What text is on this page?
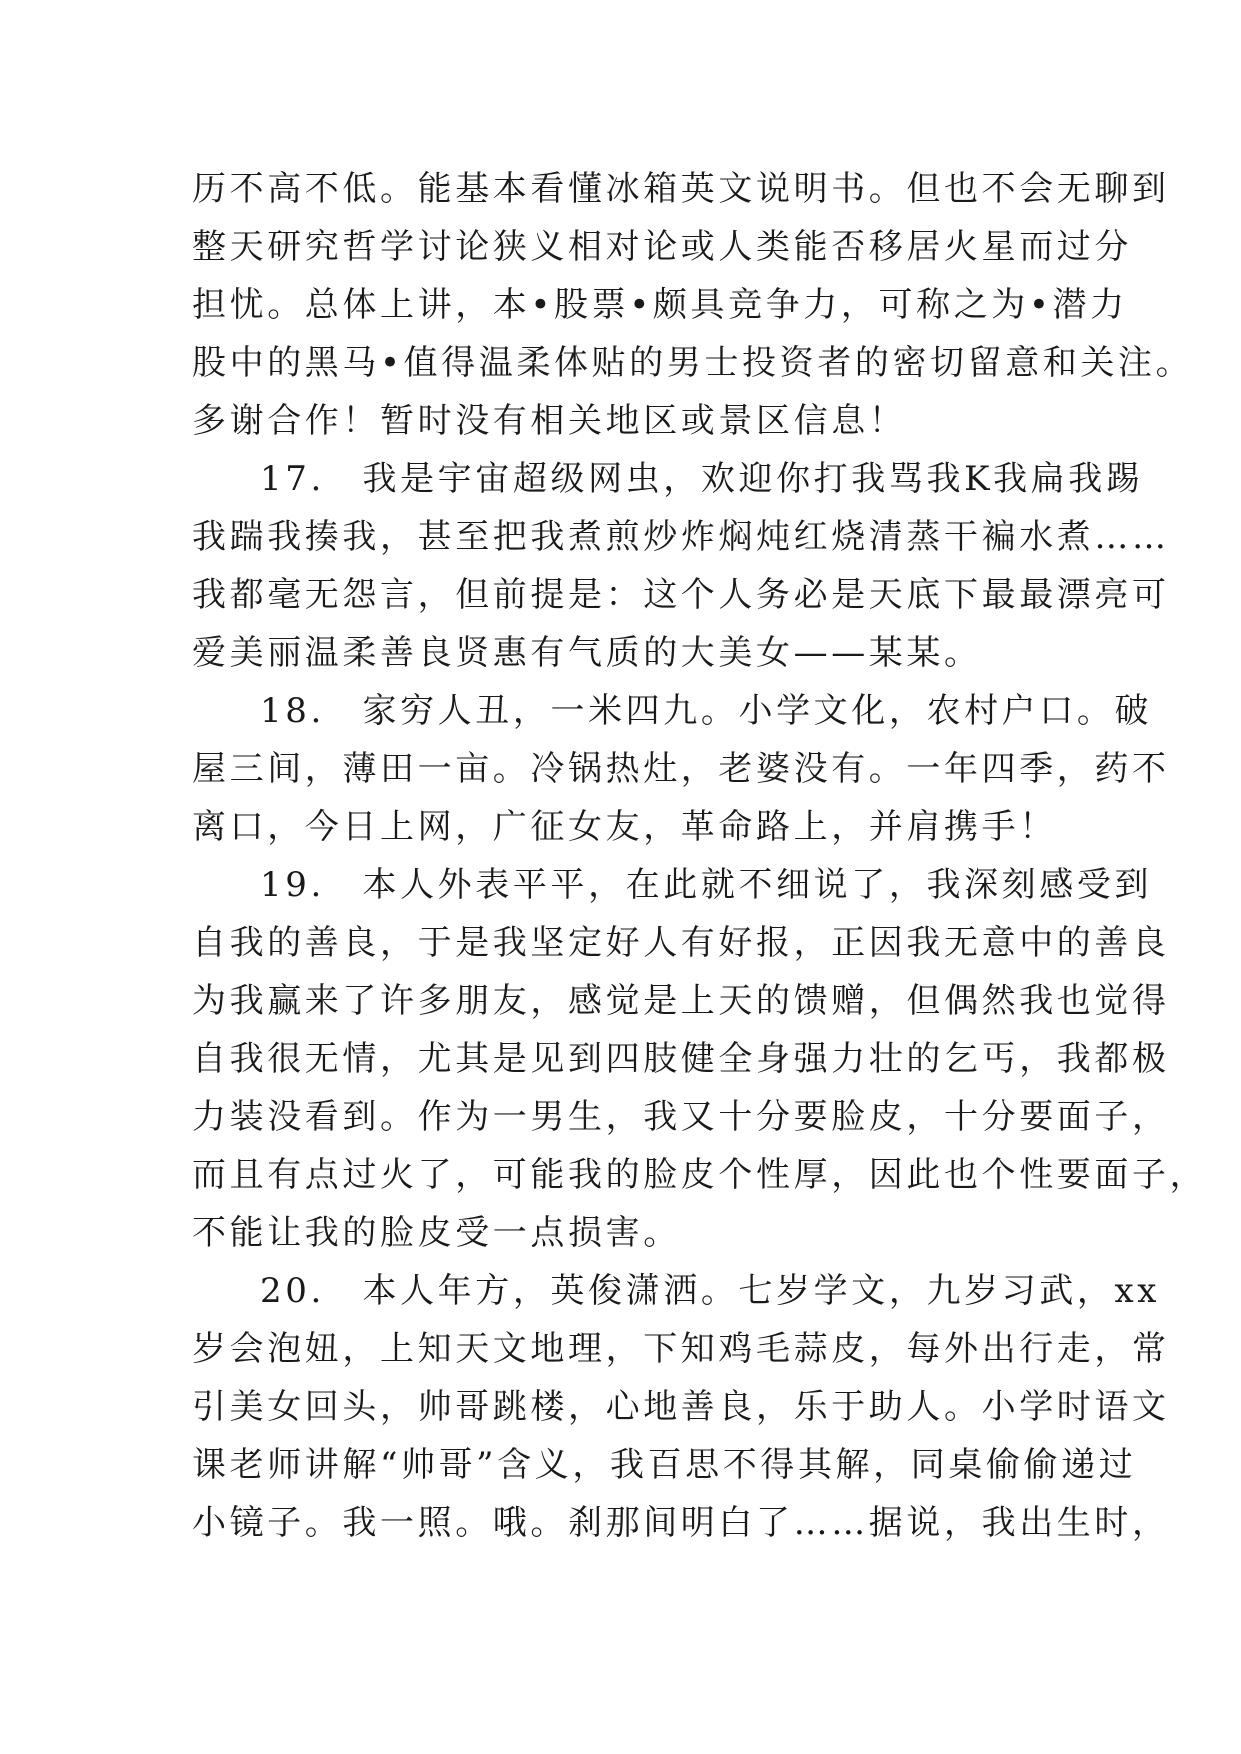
历不高不低。能基本看懂冰箱英文说明书。但也不会无聊到
整天研究哲学讨论狭义相对论或人类能否移居火星而过分
担忧。总体上讲，本•股票•颇具竞争力，可称之为•潜力
股中的黑马•值得温柔体贴的男士投资者的密切留意和关注。
多谢合作！暂时没有相关地区或景区信息！
17.　我是宇宙超级网虫，欢迎你打我骂我K我扁我踢
我踹我揍我，甚至把我煮煎炒炸焖炖红烧清蒸干褊水煮……
我都毫无怨言，但前提是：这个人务必是天底下最最漂亮可
爱美丽温柔善良贤惠有气质的大美女——某某。
18.　家穷人丑，一米四九。小学文化，农村户口。破
屋三间，薄田一亩。冷锅热灶，老婆没有。一年四季，药不
离口，今日上网，广征女友，革命路上，并肩携手！
19.　本人外表平平，在此就不细说了，我深刻感受到
自我的善良，于是我坚定好人有好报，正因我无意中的善良
为我赢来了许多朋友，感觉是上天的馈赠，但偶然我也觉得
自我很无情，尤其是见到四肢健全身强力壮的乞丐，我都极
力装没看到。作为一男生，我又十分要脸皮，十分要面子，
而且有点过火了，可能我的脸皮个性厚，因此也个性要面子，
不能让我的脸皮受一点损害。
20.　本人年方，英俊潇洒。七岁学文，九岁习武，xx
岁会泡妞，上知天文地理，下知鸡毛蒜皮，每外出行走，常
引美女回头，帅哥跳楼，心地善良，乐于助人。小学时语文
课老师讲解“帅哥”含义，我百思不得其解，同桌偷偷递过
小镜子。我一照。哦。刹那间明白了……据说，我出生时，
